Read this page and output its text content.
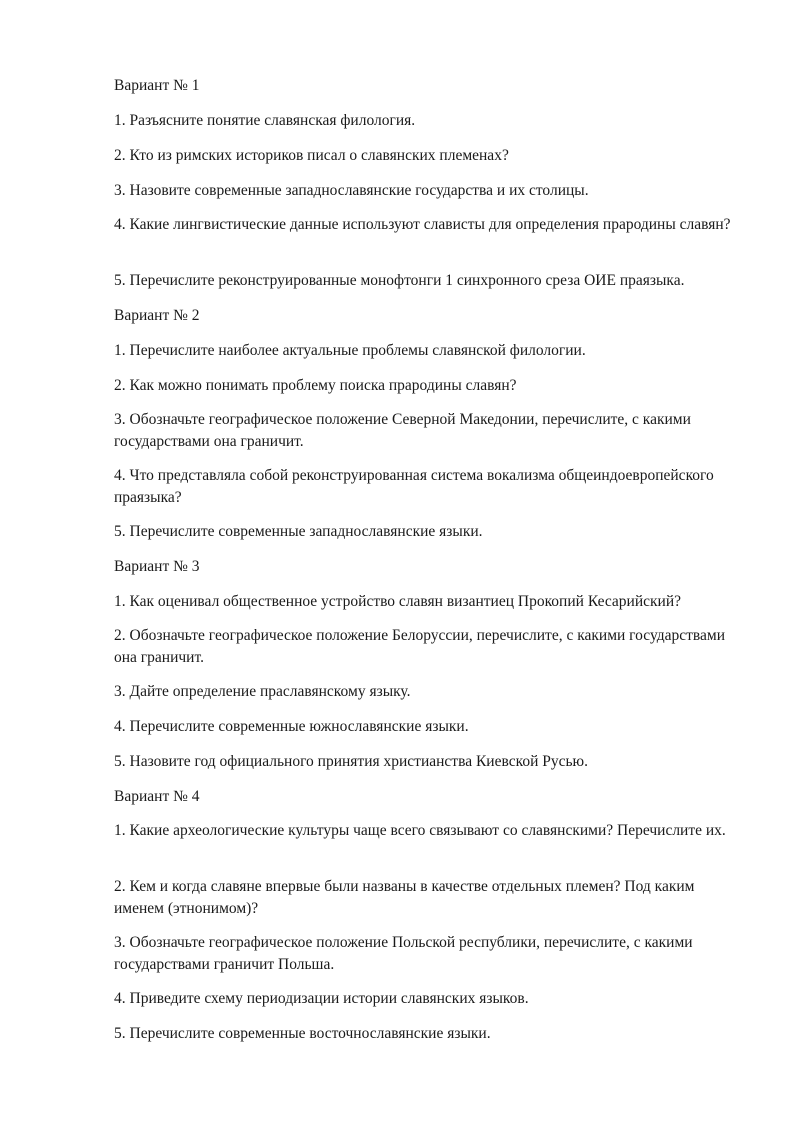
Вариант № 1

1. Разъясните понятие славянская филология.

2. Кто из римских историков писал о славянских племенах?

3. Назовите современные западнославянские государства и их столицы.

4. Какие лингвистические данные используют слависты для определения прародины славян?

5. Перечислите реконструированные монофтонги 1 синхронного среза ОИЕ праязыка.

Вариант № 2

1. Перечислите наиболее актуальные проблемы славянской филологии.

2. Как можно понимать проблему поиска прародины славян?

3. Обозначьте географическое положение Северной Македонии, перечислите, с какими государствами она граничит.

4. Что представляла собой реконструированная система вокализма общеиндоевропейского праязыка?

5. Перечислите современные западнославянские языки.

Вариант № 3

1. Как оценивал общественное устройство славян византиец Прокопий Кесарийский?

2. Обозначьте географическое положение Белоруссии, перечислите, с какими государствами она граничит.

3. Дайте определение праславянскому языку.

4. Перечислите современные южнославянские языки.

5. Назовите год официального принятия христианства Киевской Русью.

Вариант № 4

1. Какие археологические культуры чаще всего связывают со славянскими? Перечислите их.

2. Кем и когда славяне впервые были названы в качестве отдельных племен? Под каким именем (этнонимом)?

3. Обозначьте географическое положение Польской республики, перечислите, с какими государствами граничит Польша.

4. Приведите схему периодизации истории славянских языков.

5. Перечислите современные восточнославянские языки.
